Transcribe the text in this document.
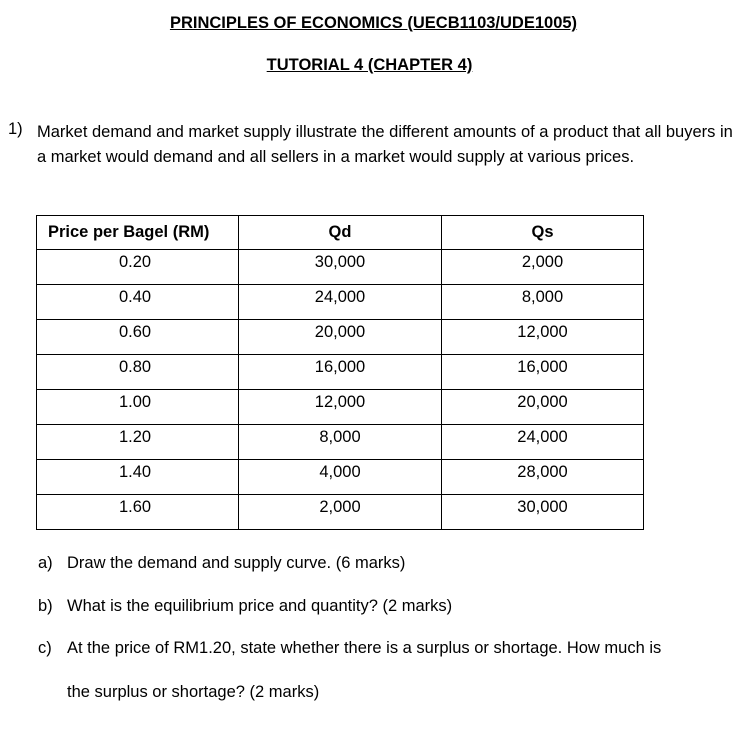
PRINCIPLES OF ECONOMICS (UECB1103/UDE1005)
TUTORIAL 4 (CHAPTER 4)
1) Market demand and market supply illustrate the different amounts of a product that all buyers in a market would demand and all sellers in a market would supply at various prices.
Price per Bagel (RM)	Qd	Qs
0.20	30,000	2,000
0.40	24,000	8,000
0.60	20,000	12,000
0.80	16,000	16,000
1.00	12,000	20,000
1.20	8,000	24,000
1.40	4,000	28,000
1.60	2,000	30,000
a) Draw the demand and supply curve. (6 marks)
b) What is the equilibrium price and quantity? (2 marks)
c) At the price of RM1.20, state whether there is a surplus or shortage. How much is
the surplus or shortage? (2 marks)
